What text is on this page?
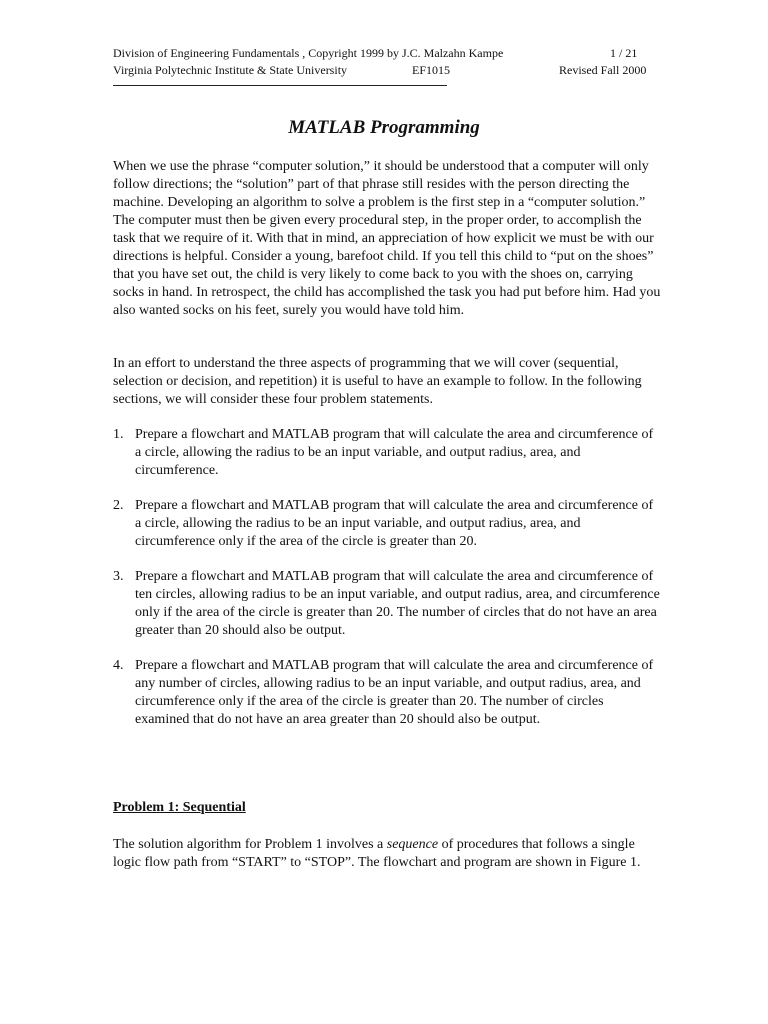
Division of Engineering Fundamentals , Copyright 1999 by J.C. Malzahn Kampe	1 / 21
Virginia Polytechnic Institute & State University	EF1015	Revised Fall 2000
MATLAB Programming

When we use the phrase “computer solution,” it should be understood that a computer will only follow directions; the “solution” part of that phrase still resides with the person directing the machine. Developing an algorithm to solve a problem is the first step in a “computer solution.” The computer must then be given every procedural step, in the proper order, to accomplish the task that we require of it. With that in mind, an appreciation of how explicit we must be with our directions is helpful. Consider a young, barefoot child. If you tell this child to “put on the shoes” that you have set out, the child is very likely to come back to you with the shoes on, carrying socks in hand. In retrospect, the child has accomplished the task you had put before him. Had you also wanted socks on his feet, surely you would have told him.

In an effort to understand the three aspects of programming that we will cover (sequential, selection or decision, and repetition) it is useful to have an example to follow. In the following sections, we will consider these four problem statements.

1. Prepare a flowchart and MATLAB program that will calculate the area and circumference of a circle, allowing the radius to be an input variable, and output radius, area, and circumference.
2. Prepare a flowchart and MATLAB program that will calculate the area and circumference of a circle, allowing the radius to be an input variable, and output radius, area, and circumference only if the area of the circle is greater than 20.
3. Prepare a flowchart and MATLAB program that will calculate the area and circumference of ten circles, allowing radius to be an input variable, and output radius, area, and circumference only if the area of the circle is greater than 20. The number of circles that do not have an area greater than 20 should also be output.
4. Prepare a flowchart and MATLAB program that will calculate the area and circumference of any number of circles, allowing radius to be an input variable, and output radius, area, and circumference only if the area of the circle is greater than 20. The number of circles examined that do not have an area greater than 20 should also be output.
Problem 1: Sequential

The solution algorithm for Problem 1 involves a sequence of procedures that follows a single logic flow path from “START” to “STOP”. The flowchart and program are shown in Figure 1.
